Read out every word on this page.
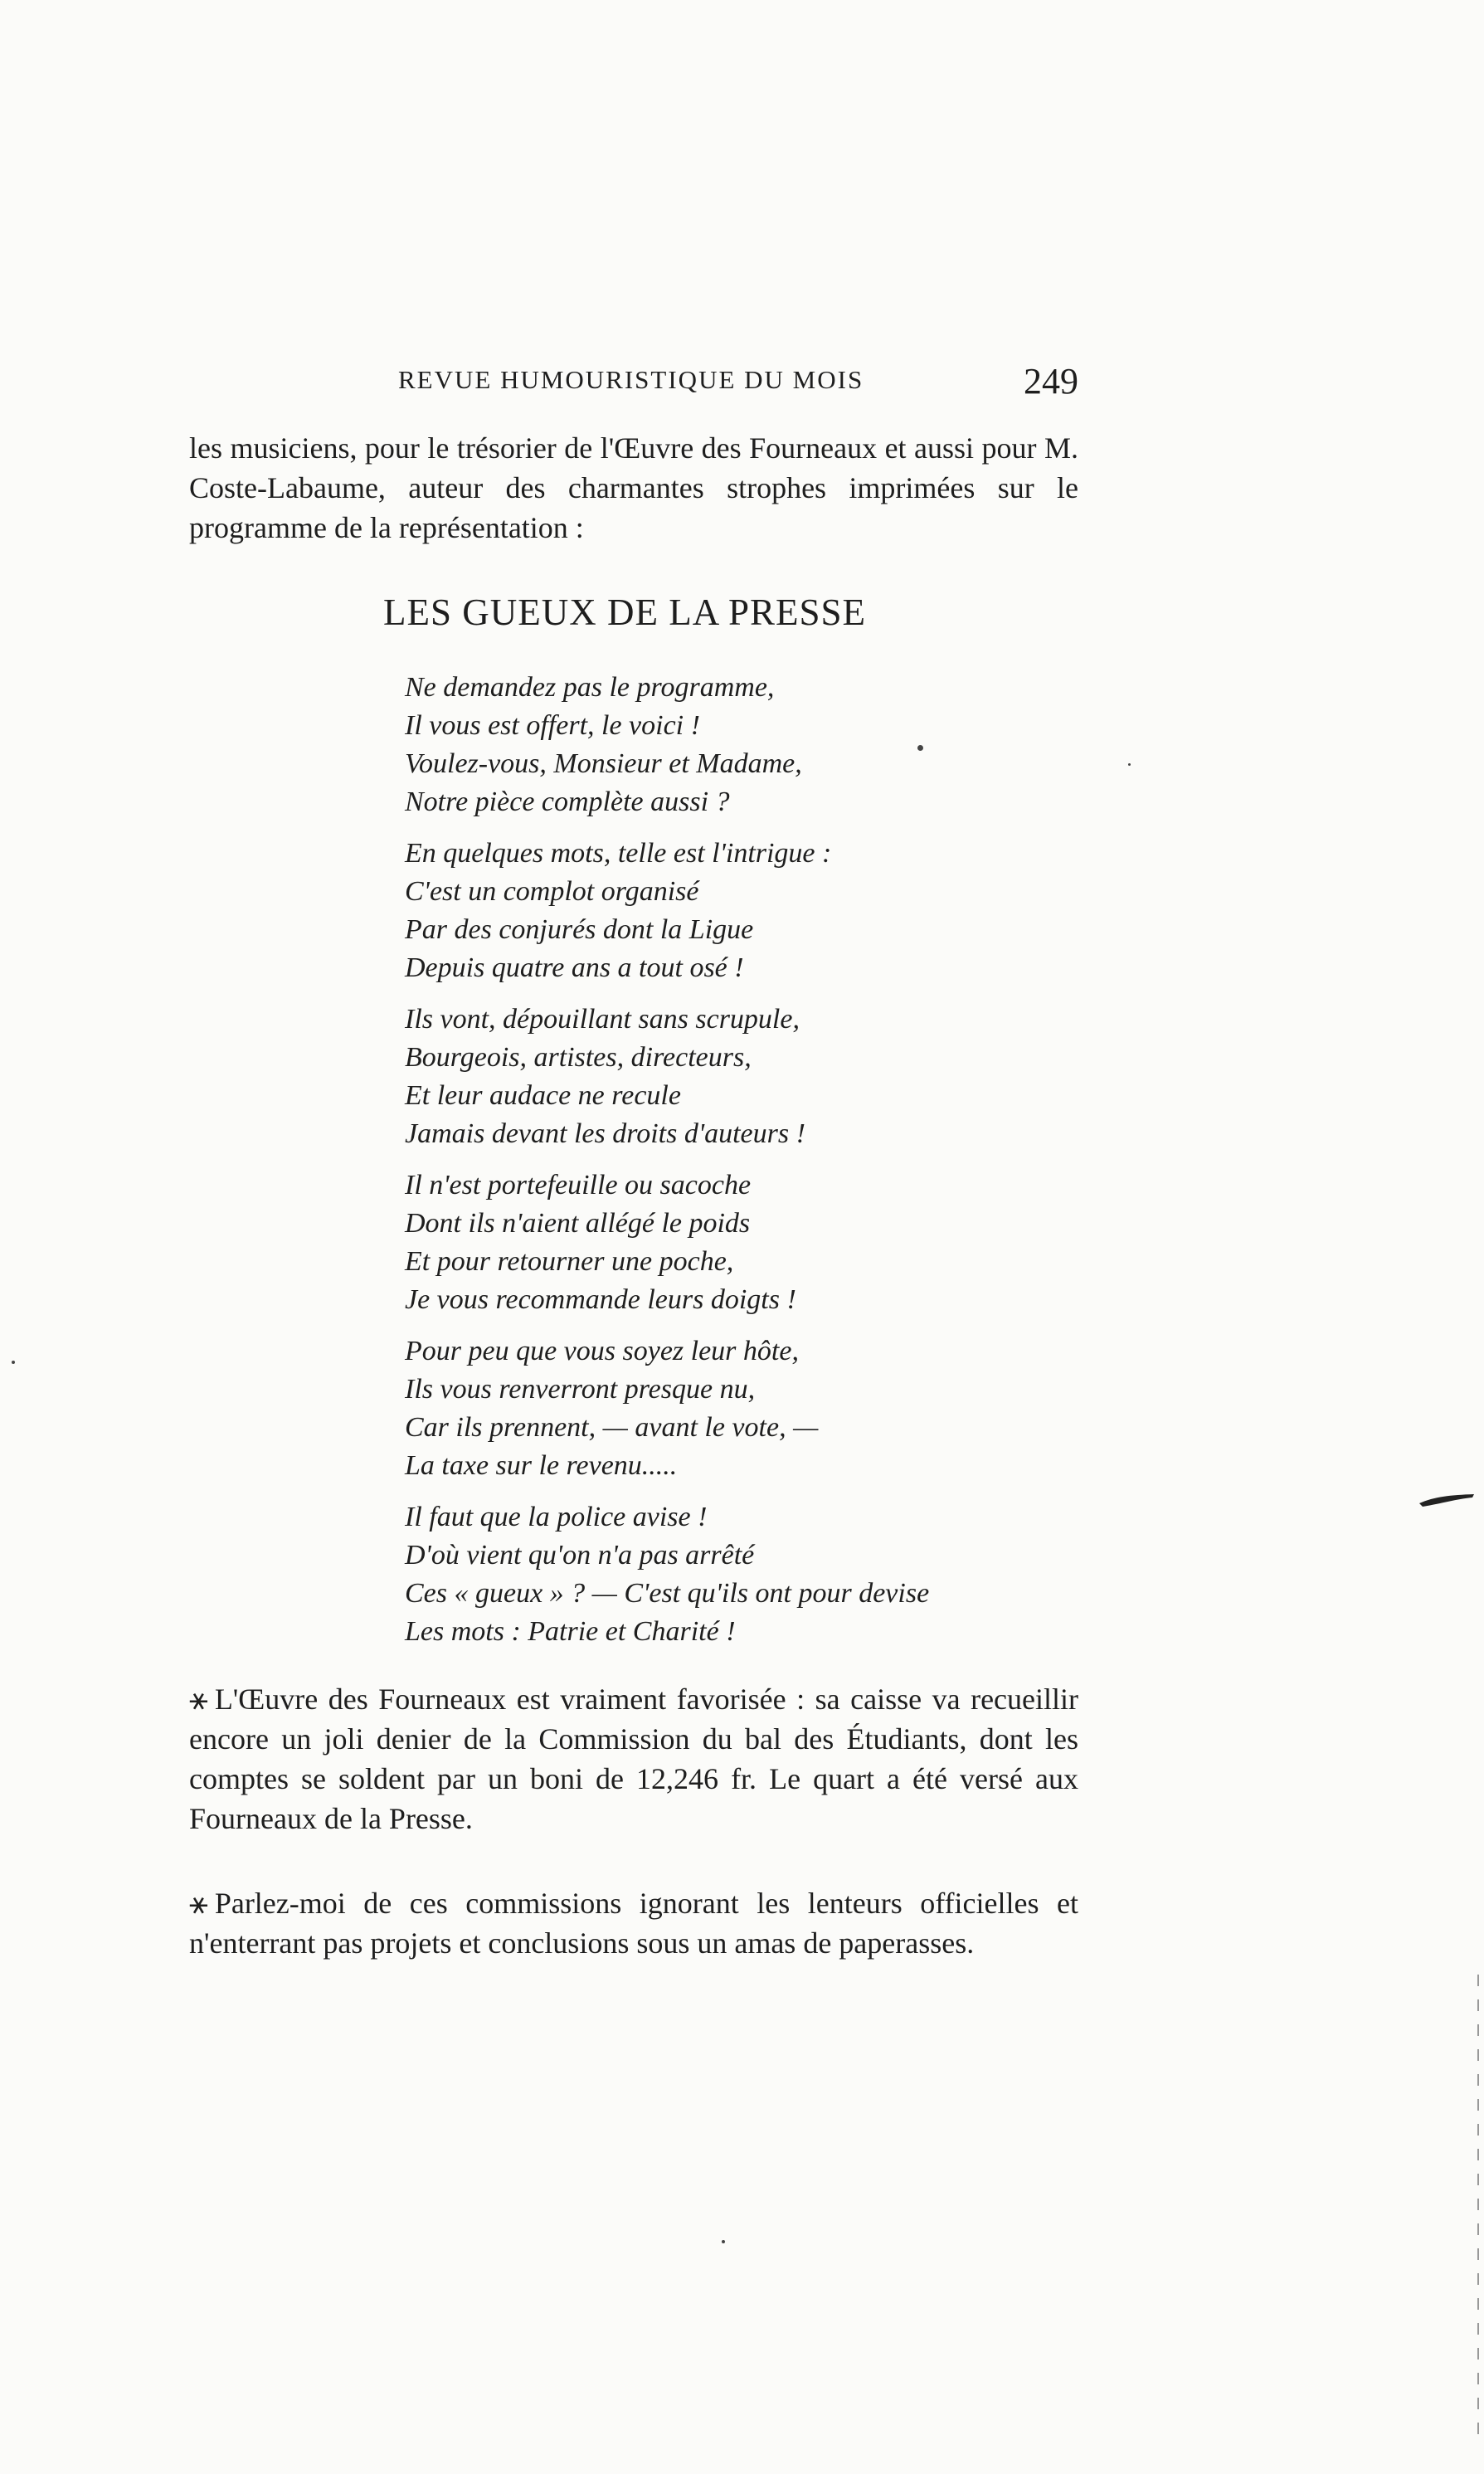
REVUE HUMOURISTIQUE DU MOIS	249

les musiciens, pour le trésorier de l'Œuvre des Fourneaux et aussi pour M. Coste-Labaume, auteur des charmantes strophes imprimées sur le programme de la représentation :

LES GUEUX DE LA PRESSE
Ne demandez pas le programme,
Il vous est offert, le voici !
Voulez-vous, Monsieur et Madame,
Notre pièce complète aussi ?
En quelques mots, telle est l'intrigue :
C'est un complot organisé
Par des conjurés dont la Ligue
Depuis quatre ans a tout osé !
Ils vont, dépouillant sans scrupule,
Bourgeois, artistes, directeurs,
Et leur audace ne recule
Jamais devant les droits d'auteurs !
Il n'est portefeuille ou sacoche
Dont ils n'aient allégé le poids
Et pour retourner une poche,
Je vous recommande leurs doigts !
Pour peu que vous soyez leur hôte,
Ils vous renverront presque nu,
Car ils prennent, — avant le vote, —
La taxe sur le revenu.....
Il faut que la police avise !
D'où vient qu'on n'a pas arrêté
Ces « gueux » ? — C'est qu'ils ont pour devise
Les mots : Patrie et Charité !

⚹ L'Œuvre des Fourneaux est vraiment favorisée : sa caisse va recueillir encore un joli denier de la Commission du bal des Étudiants, dont les comptes se soldent par un boni de 12,246 fr. Le quart a été versé aux Fourneaux de la Presse.

⚹ Parlez-moi de ces commissions ignorant les lenteurs officielles et n'enterrant pas projets et conclusions sous un amas de paperasses.
